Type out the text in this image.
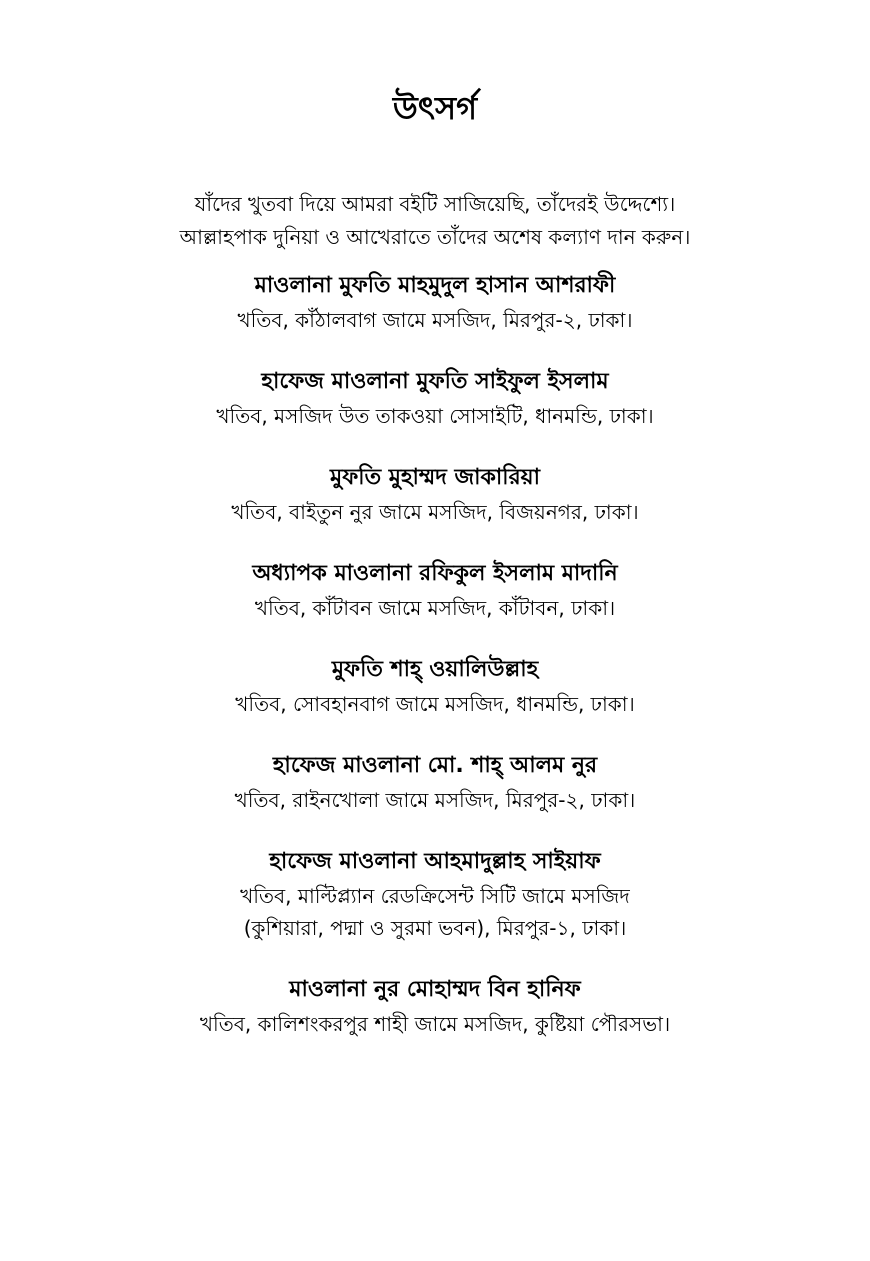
উৎসর্গ

যাঁদের খুতবা দিয়ে আমরা বইটি সাজিয়েছি, তাঁদেরই উদ্দেশ্যে।

আল্লাহপাক দুনিয়া ও আখেরাতে তাঁদের অশেষ কল্যাণ দান করুন।

মাওলানা মুফতি মাহমুদুল হাসান আশরাফী

খতিব, কাঁঠালবাগ জামে মসজিদ, মিরপুর-২, ঢাকা।

হাফেজ মাওলানা মুফতি সাইফুল ইসলাম

খতিব, মসজিদ উত তাকওয়া সোসাইটি, ধানমন্ডি, ঢাকা।

মুফতি মুহাম্মদ জাকারিয়া

খতিব, বাইতুন নুর জামে মসজিদ, বিজয়নগর, ঢাকা।

অধ্যাপক মাওলানা রফিকুল ইসলাম মাদানি

খতিব, কাঁটাবন জামে মসজিদ, কাঁটাবন, ঢাকা।

মুফতি শাহ্ ওয়ালিউল্লাহ

খতিব, সোবহানবাগ জামে মসজিদ, ধানমন্ডি, ঢাকা।

হাফেজ মাওলানা মো. শাহ্ আলম নুর

খতিব, রাইনখোলা জামে মসজিদ, মিরপুর-২, ঢাকা।

হাফেজ মাওলানা আহমাদুল্লাহ সাইয়াফ

খতিব, মাল্টিপ্ল্যান রেডক্রিসেন্ট সিটি জামে মসজিদ

(কুশিয়ারা, পদ্মা ও সুরমা ভবন), মিরপুর-১, ঢাকা।

মাওলানা নুর মোহাম্মদ বিন হানিফ

খতিব, কালিশংকরপুর শাহী জামে মসজিদ, কুষ্টিয়া পৌরসভা।
